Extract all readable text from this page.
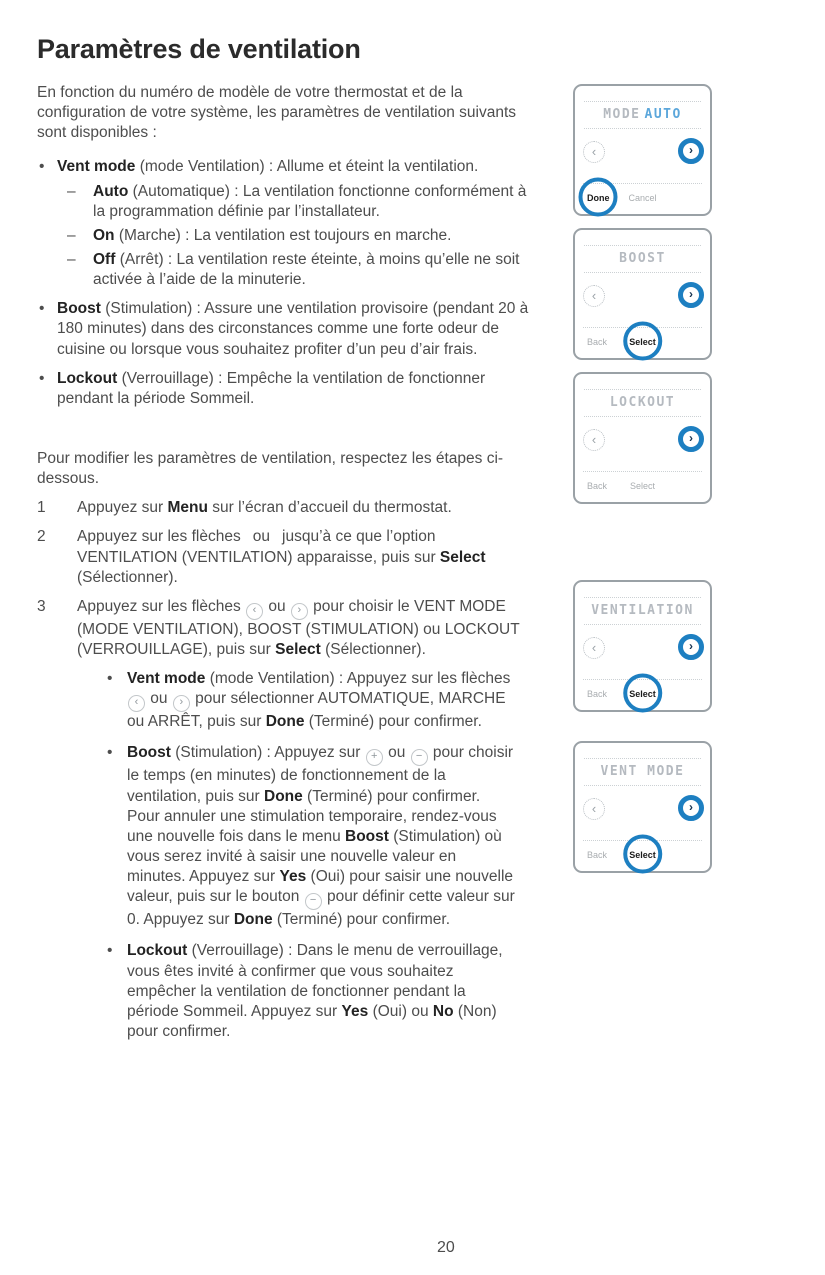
Paramètres de ventilation

En fonction du numéro de modèle de votre thermostat et de la configuration de votre système, les paramètres de ventilation suivants sont disponibles :

• Vent mode (mode Ventilation) : Allume et éteint la ventilation.
– Auto (Automatique) : La ventilation fonctionne conformément à la programmation définie par l’installateur.
– On (Marche) : La ventilation est toujours en marche.
– Off (Arrêt) : La ventilation reste éteinte, à moins qu’elle ne soit activée à l’aide de la minuterie.
• Boost (Stimulation) : Assure une ventilation provisoire (pendant 20 à 180 minutes) dans des circonstances comme une forte odeur de cuisine ou lorsque vous souhaitez profiter d’un peu d’air frais.
• Lockout (Verrouillage) : Empêche la ventilation de fonctionner pendant la période Sommeil.

Pour modifier les paramètres de ventilation, respectez les étapes ci-dessous.

1	Appuyez sur Menu sur l’écran d’accueil du thermostat.
2	Appuyez sur les flèches  ou  jusqu’à ce que l’option VENTILATION (VENTILATION) apparaisse, puis sur Select (Sélectionner).
3	Appuyez sur les flèches ‹ ou › pour choisir le VENT MODE (MODE VENTILATION), BOOST (STIMULATION) ou LOCKOUT (VERROUILLAGE), puis sur Select (Sélectionner).
• Vent mode (mode Ventilation) : Appuyez sur les flèches ‹ ou › pour sélectionner AUTOMATIQUE, MARCHE ou ARRÊT, puis sur Done (Terminé) pour confirmer.
• Boost (Stimulation) : Appuyez sur + ou − pour choisir le temps (en minutes) de fonctionnement de la ventilation, puis sur Done (Terminé) pour confirmer. Pour annuler une stimulation temporaire, rendez-vous une nouvelle fois dans le menu Boost (Stimulation) où vous serez invité à saisir une nouvelle valeur en minutes. Appuyez sur Yes (Oui) pour saisir une nouvelle valeur, puis sur le bouton − pour définir cette valeur sur 0. Appuyez sur Done (Terminé) pour confirmer.
• Lockout (Verrouillage) : Dans le menu de verrouillage, vous êtes invité à confirmer que vous souhaitez empêcher la ventilation de fonctionner pendant la période Sommeil. Appuyez sur Yes (Oui) ou No (Non) pour confirmer.
MODE AUTO
‹	›
Done Cancel
BOOST
‹	›
Back Select
LOCKOUT
‹	›
Back	Select
VENTILATION
‹	›
Back Select
VENT MODE
‹	›
Back Select
20
